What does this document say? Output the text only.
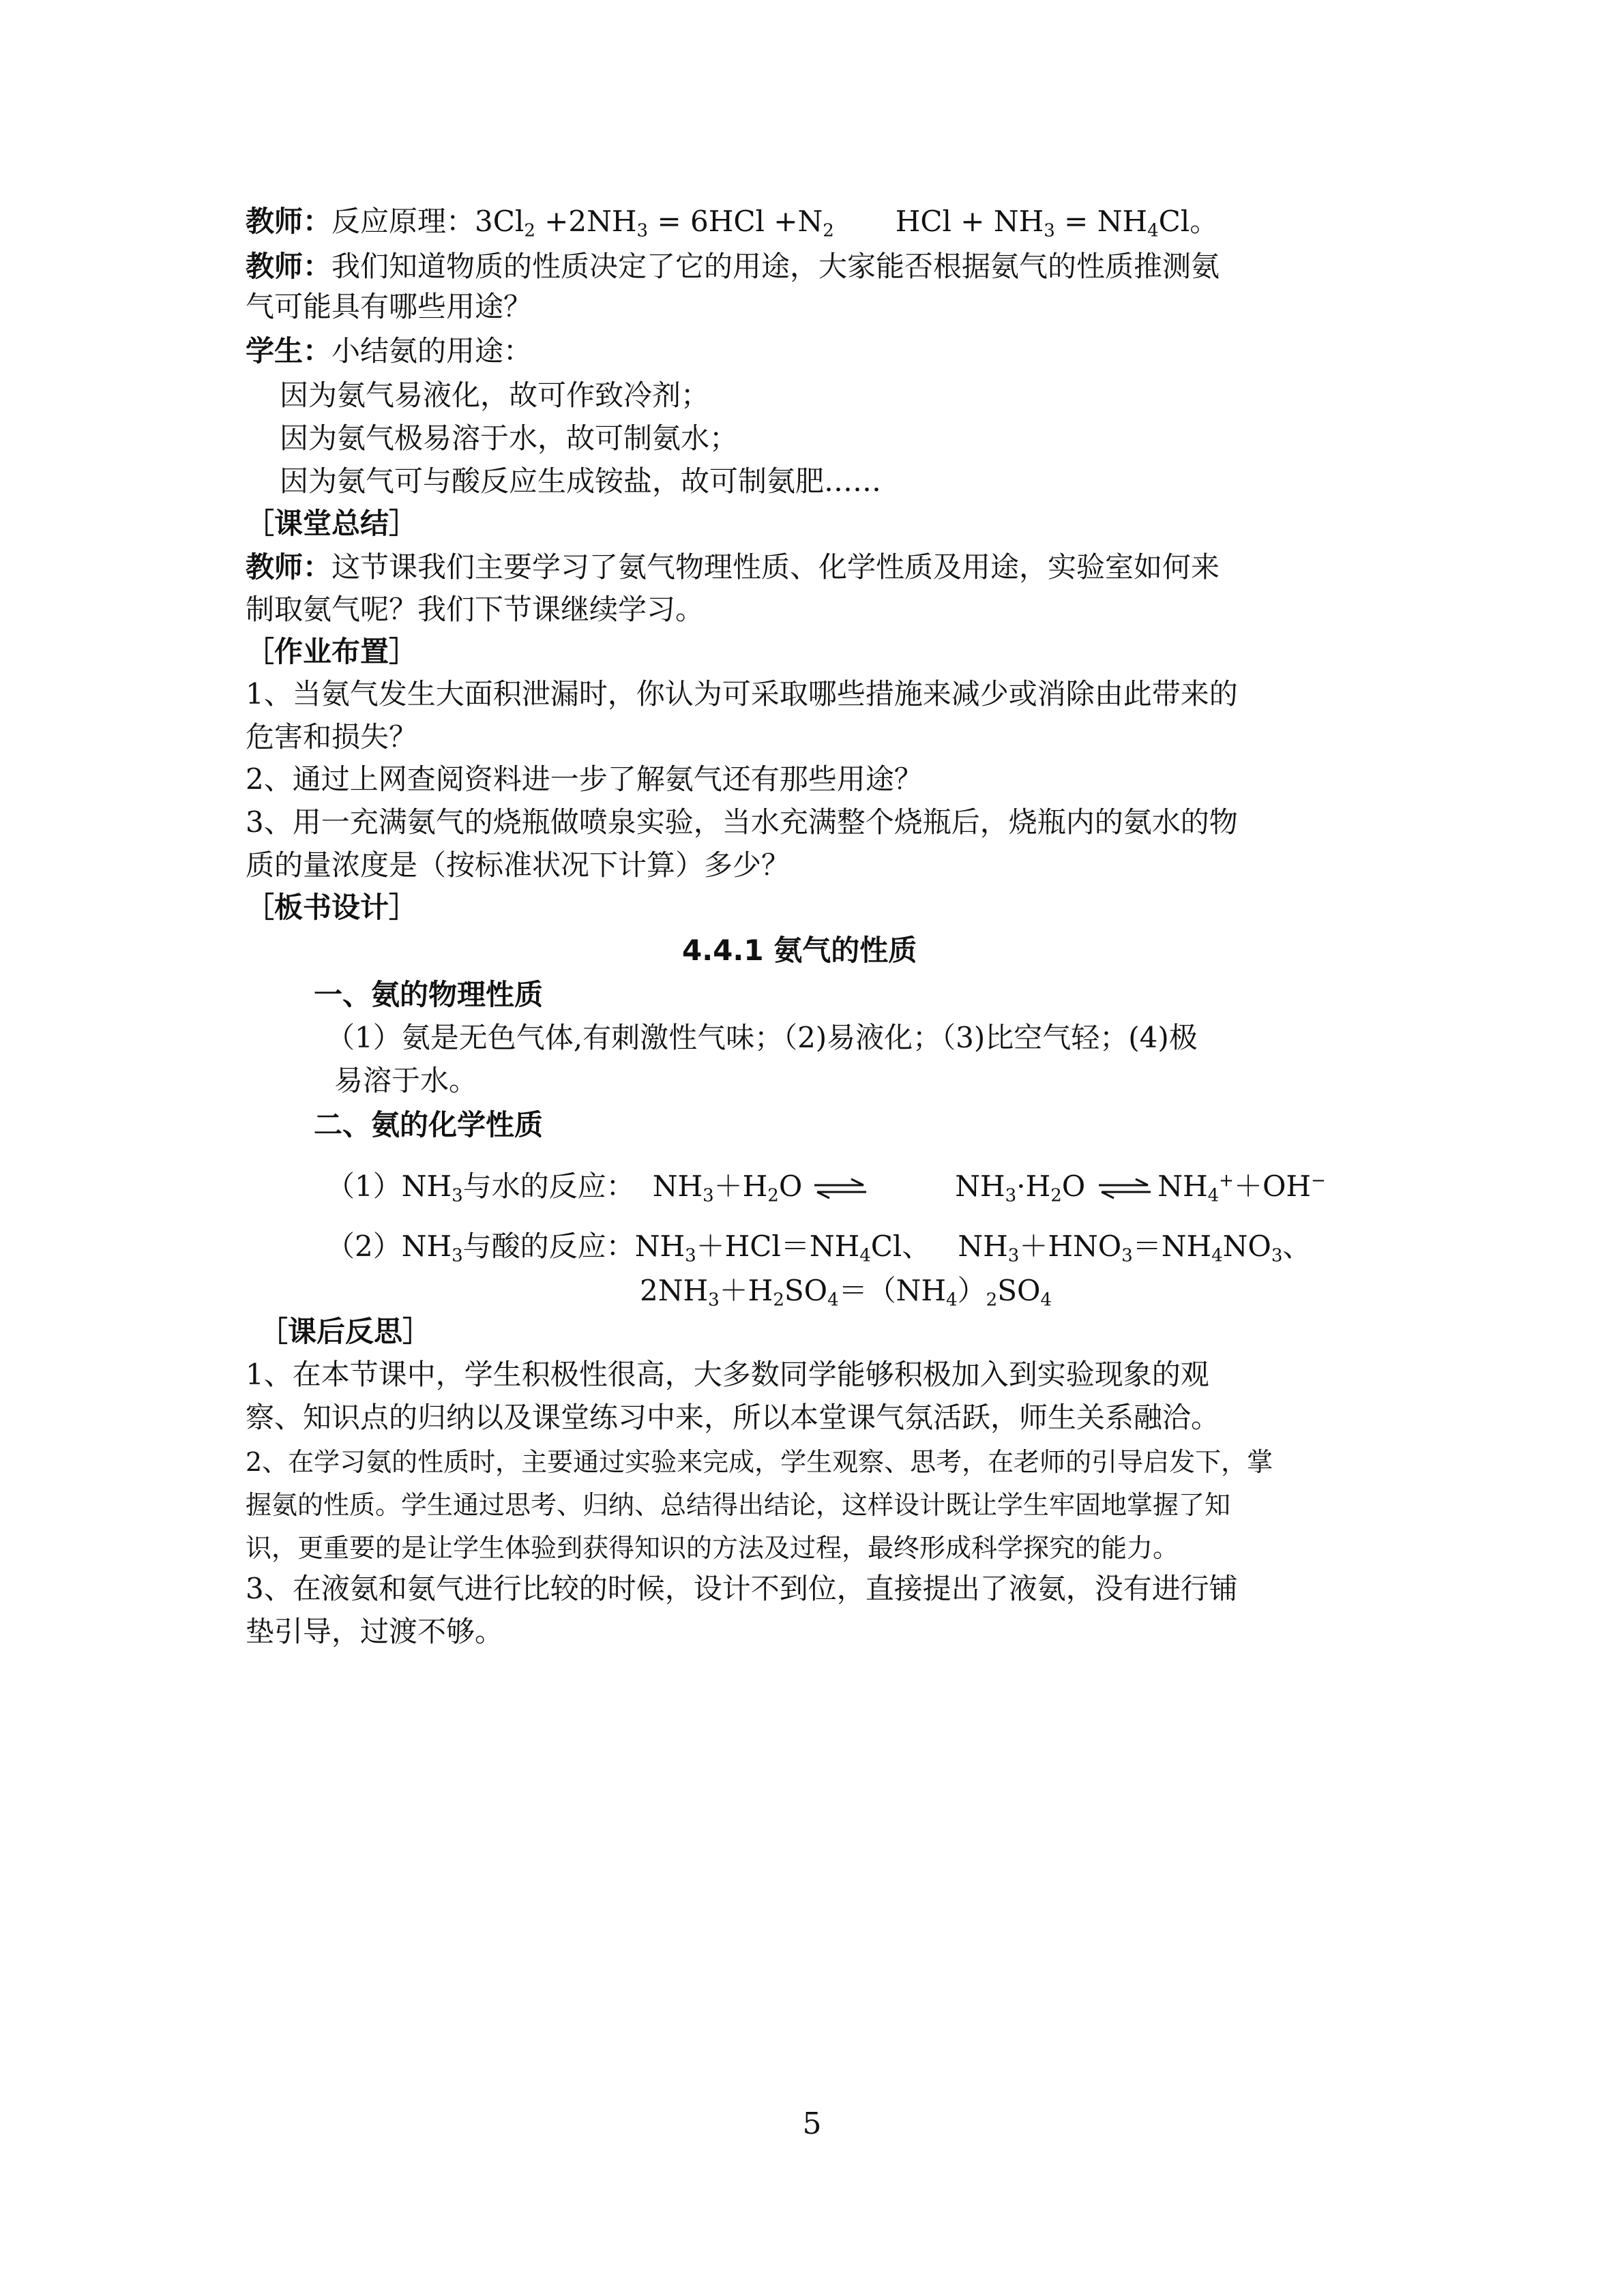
教师：反应原理：$3Cl_2 +2NH_3 = 6HCl +N_2$ HCl + $NH_3 = NH_4Cl$。
教师：我们知道物质的性质决定了它的用途，大家能否根据氨气的性质推测氨
气可能具有哪些用途？
学生：小结氨的用途：
因为氨气易液化，故可作致冷剂；
因为氨气极易溶于水，故可制氨水；
因为氨气可与酸反应生成铵盐，故可制氨肥……
［课堂总结］
教师：这节课我们主要学习了氨气物理性质、化学性质及用途，实验室如何来
制取氨气呢？我们下节课继续学习。
［作业布置］
1、当氨气发生大面积泄漏时，你认为可采取哪些措施来减少或消除由此带来的
危害和损失？
2、通过上网查阅资料进一步了解氨气还有那些用途？
3、用一充满氨气的烧瓶做喷泉实验，当水充满整个烧瓶后，烧瓶内的氨水的物
质的量浓度是（按标准状况下计算）多少？
［板书设计］
4.4.1 氨气的性质
一、氨的物理性质
（1）氨是无色气体,有刺激性气味；（2)易液化；（3)比空气轻；(4)极
易溶于水。
二、氨的化学性质
$(1)NH_3$与水的反应： $NH_3+H_2O$ ⇌	$NH_3\cdot H_2O$ ⇌ $NH_4^++OH^-$
$(2)NH_3$与酸的反应：$NH_3+HCl=NH_4Cl$、 $NH_3+HNO_3=NH_4NO_3$、
$2NH_3+H_2SO_4=(NH_4)_2SO_4$
［课后反思］
1、在本节课中，学生积极性很高，大多数同学能够积极加入到实验现象的观
察、知识点的归纳以及课堂练习中来，所以本堂课气氛活跃，师生关系融洽。
2、在学习氨的性质时，主要通过实验来完成，学生观察、思考，在老师的引导启发下，掌
握氨的性质。学生通过思考、归纳、总结得出结论，这样设计既让学生牢固地掌握了知
识，更重要的是让学生体验到获得知识的方法及过程，最终形成科学探究的能力。
3、在液氨和氨气进行比较的时候，设计不到位，直接提出了液氨，没有进行铺
垫引导，过渡不够。
5
